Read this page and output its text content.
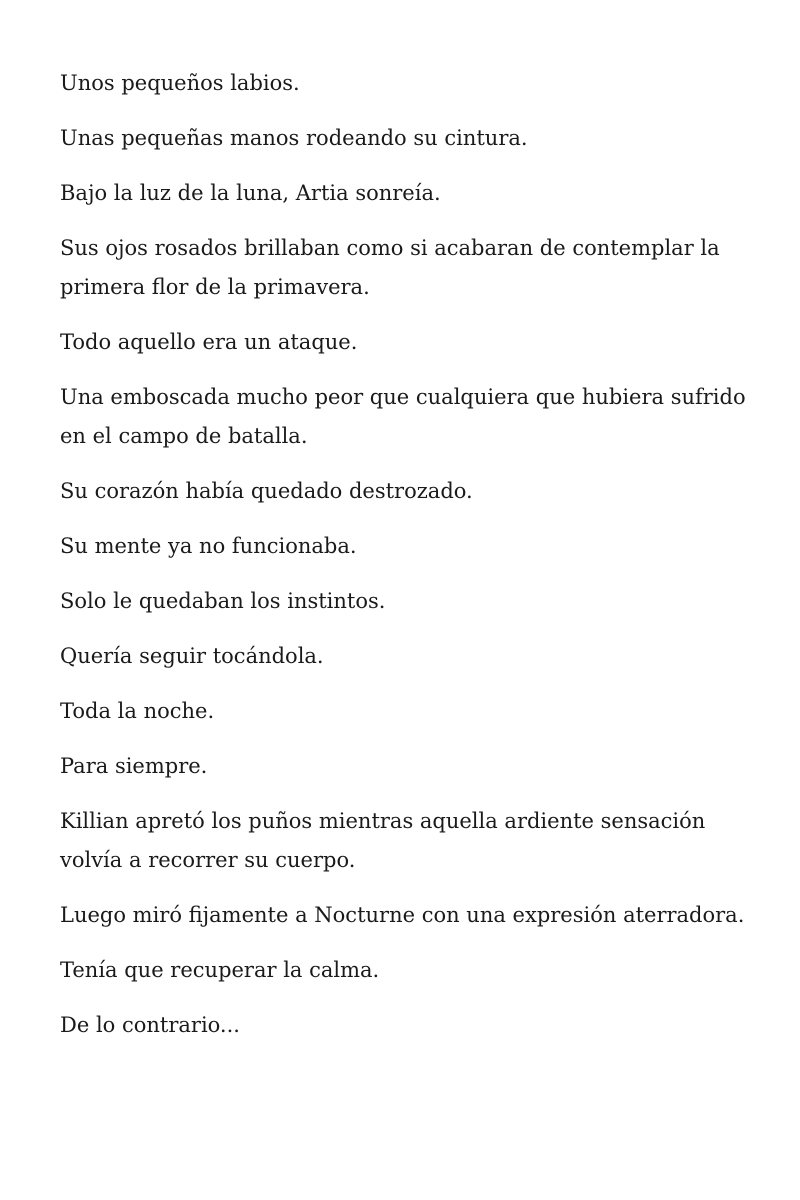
Unos pequeños labios.

Unas pequeñas manos rodeando su cintura.

Bajo la luz de la luna, Artia sonreía.

Sus ojos rosados brillaban como si acabaran de contemplar la primera flor de la primavera.

Todo aquello era un ataque.

Una emboscada mucho peor que cualquiera que hubiera sufrido en el campo de batalla.

Su corazón había quedado destrozado.

Su mente ya no funcionaba.

Solo le quedaban los instintos.

Quería seguir tocándola.

Toda la noche.

Para siempre.

Killian apretó los puños mientras aquella ardiente sensación volvía a recorrer su cuerpo.

Luego miró fijamente a Nocturne con una expresión aterradora.

Tenía que recuperar la calma.

De lo contrario...
